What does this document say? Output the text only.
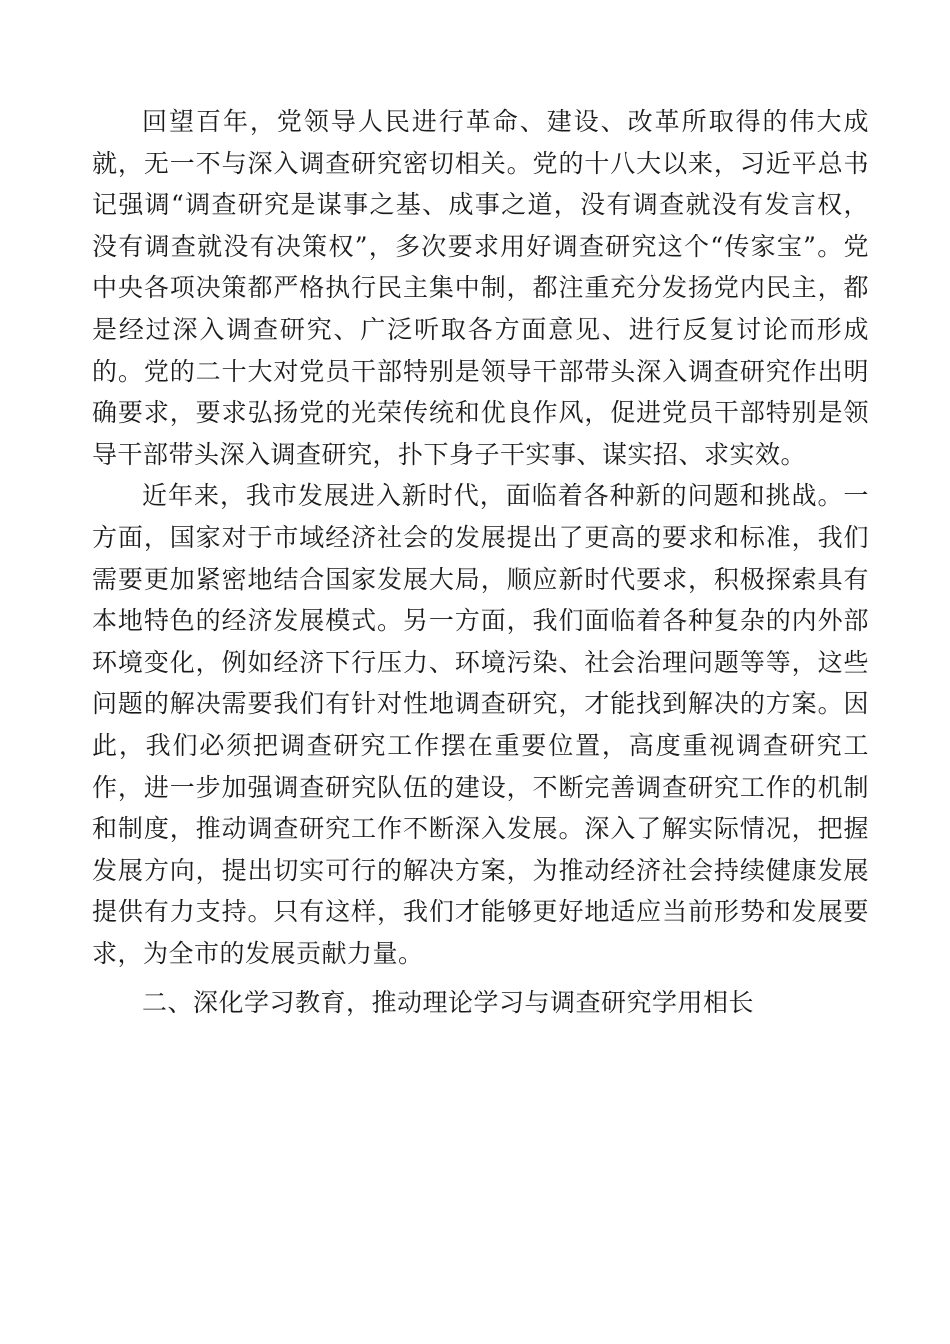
回望百年，党领导人民进行革命、建设、改革所取得的伟大成就，无一不与深入调查研究密切相关。党的十八大以来，习近平总书记强调“调查研究是谋事之基、成事之道，没有调查就没有发言权，没有调查就没有决策权”，多次要求用好调查研究这个“传家宝”。党中央各项决策都严格执行民主集中制，都注重充分发扬党内民主，都是经过深入调查研究、广泛听取各方面意见、进行反复讨论而形成的。党的二十大对党员干部特别是领导干部带头深入调查研究作出明确要求，要求弘扬党的光荣传统和优良作风，促进党员干部特别是领导干部带头深入调查研究，扑下身子干实事、谋实招、求实效。

近年来，我市发展进入新时代，面临着各种新的问题和挑战。一方面，国家对于市域经济社会的发展提出了更高的要求和标准，我们需要更加紧密地结合国家发展大局，顺应新时代要求，积极探索具有本地特色的经济发展模式。另一方面，我们面临着各种复杂的内外部环境变化，例如经济下行压力、环境污染、社会治理问题等等，这些问题的解决需要我们有针对性地调查研究，才能找到解决的方案。因此，我们必须把调查研究工作摆在重要位置，高度重视调查研究工作，进一步加强调查研究队伍的建设，不断完善调查研究工作的机制和制度，推动调查研究工作不断深入发展。深入了解实际情况，把握发展方向，提出切实可行的解决方案，为推动经济社会持续健康发展提供有力支持。只有这样，我们才能够更好地适应当前形势和发展要求，为全市的发展贡献力量。

二、深化学习教育，推动理论学习与调查研究学用相长
